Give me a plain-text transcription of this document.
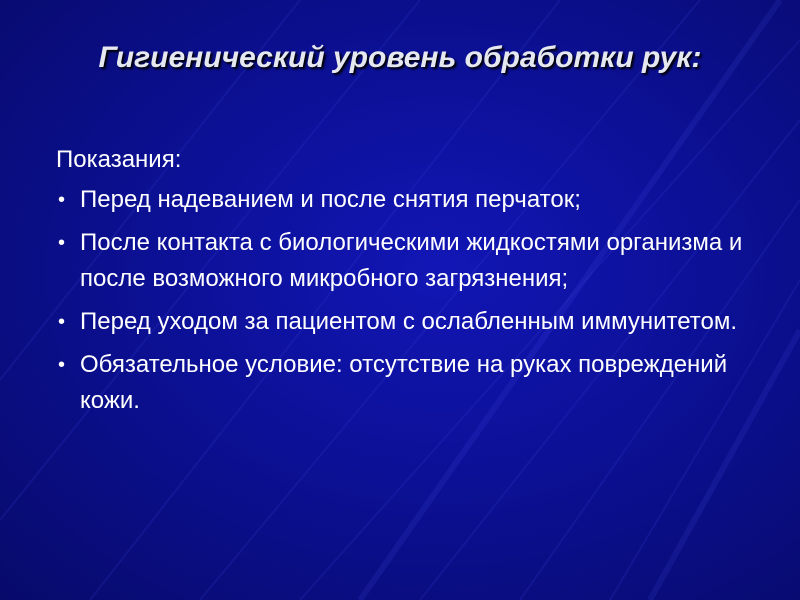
Гигиенический уровень обработки рук:
Показания:
• Перед надеванием и после снятия перчаток;
• После контакта с биологическими жидкостями организма и после возможного микробного загрязнения;
• Перед уходом за пациентом с ослабленным иммунитетом.
• Обязательное условие: отсутствие на руках повреждений кожи.
